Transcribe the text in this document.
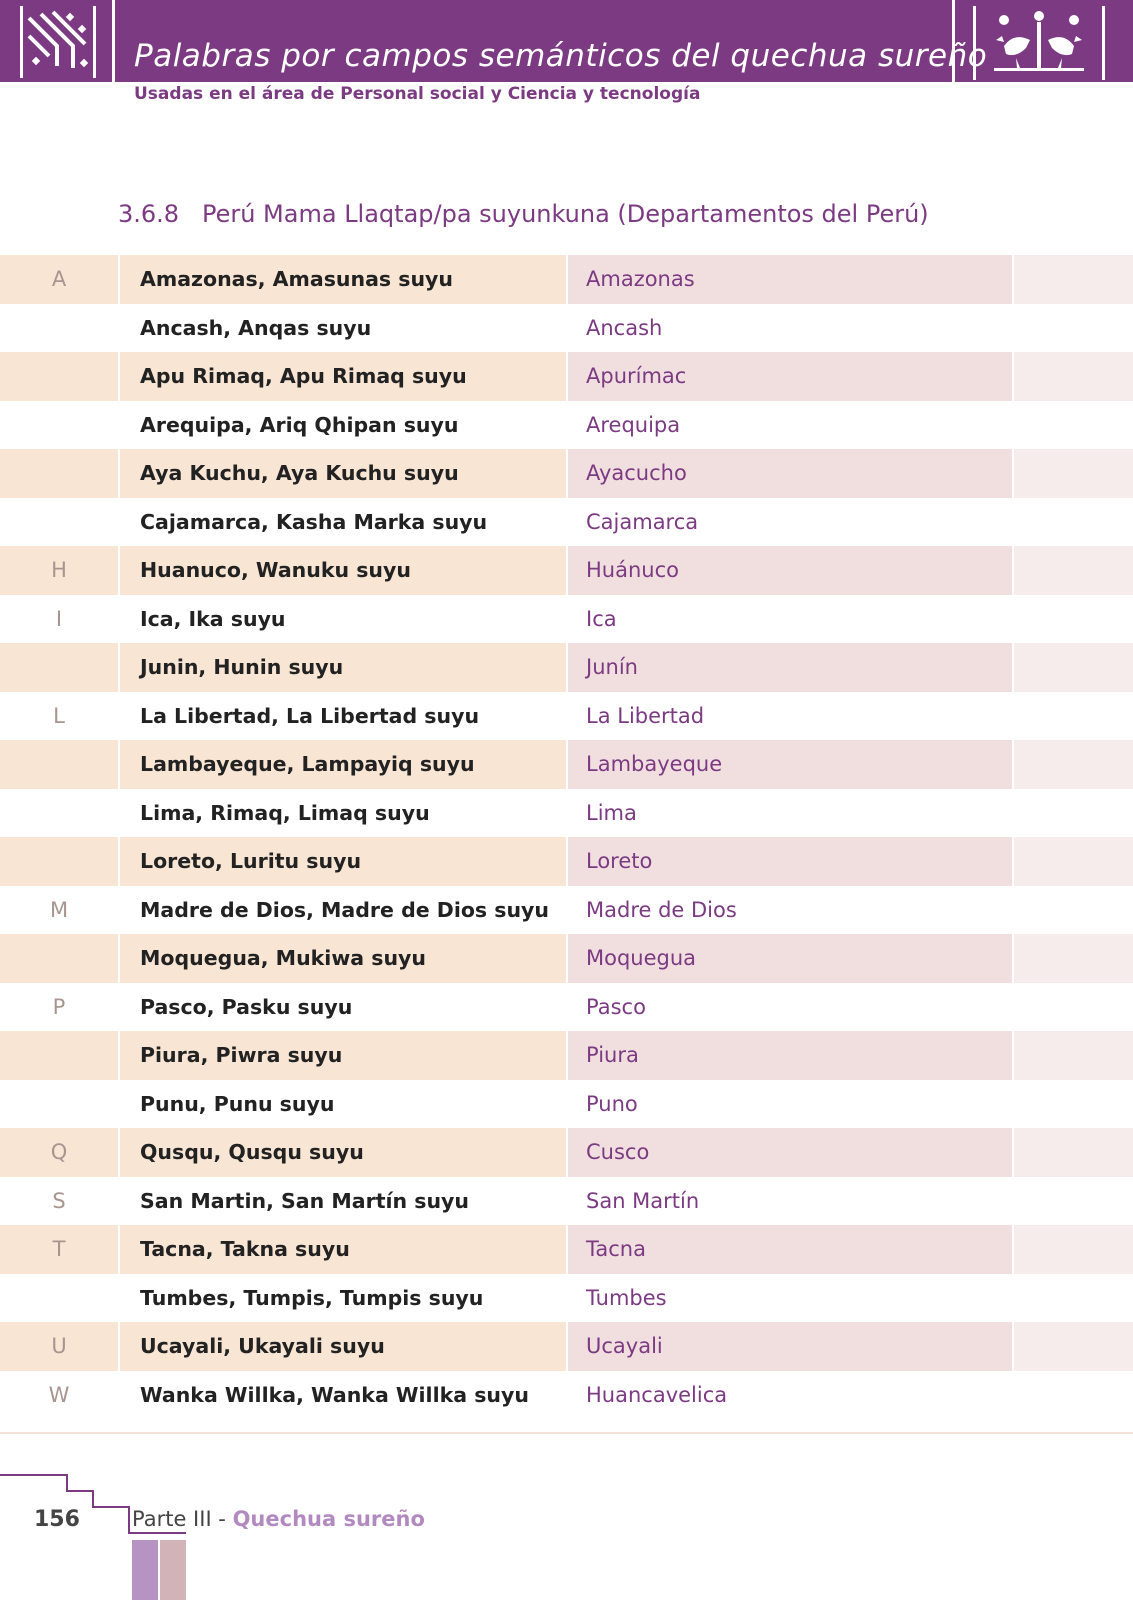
Palabras por campos semánticos del quechua sureño
Usadas en el área de Personal social y Ciencia y tecnología
3.6.8 Perú Mama Llaqtap/pa suyunkuna (Departamentos del Perú)
A	Amazonas, Amasunas suyu	Amazonas
Ancash, Anqas suyu	Ancash
Apu Rimaq, Apu Rimaq suyu	Apurímac
Arequipa, Ariq Qhipan suyu	Arequipa
Aya Kuchu, Aya Kuchu suyu	Ayacucho
Cajamarca, Kasha Marka suyu	Cajamarca
H	Huanuco, Wanuku suyu	Huánuco
I	Ica, Ika suyu	Ica
Junin, Hunin suyu	Junín
L	La Libertad, La Libertad suyu	La Libertad
Lambayeque, Lampayiq suyu	Lambayeque
Lima, Rimaq, Limaq suyu	Lima
Loreto, Luritu suyu	Loreto
M	Madre de Dios, Madre de Dios suyu	Madre de Dios
Moquegua, Mukiwa suyu	Moquegua
P	Pasco, Pasku suyu	Pasco
Piura, Piwra suyu	Piura
Punu, Punu suyu	Puno
Q	Qusqu, Qusqu suyu	Cusco
S	San Martin, San Martín suyu	San Martín
T	Tacna, Takna suyu	Tacna
Tumbes, Tumpis, Tumpis suyu	Tumbes
U	Ucayali, Ukayali suyu	Ucayali
W	Wanka Willka, Wanka Willka suyu	Huancavelica
156 Parte III - Quechua sureño
